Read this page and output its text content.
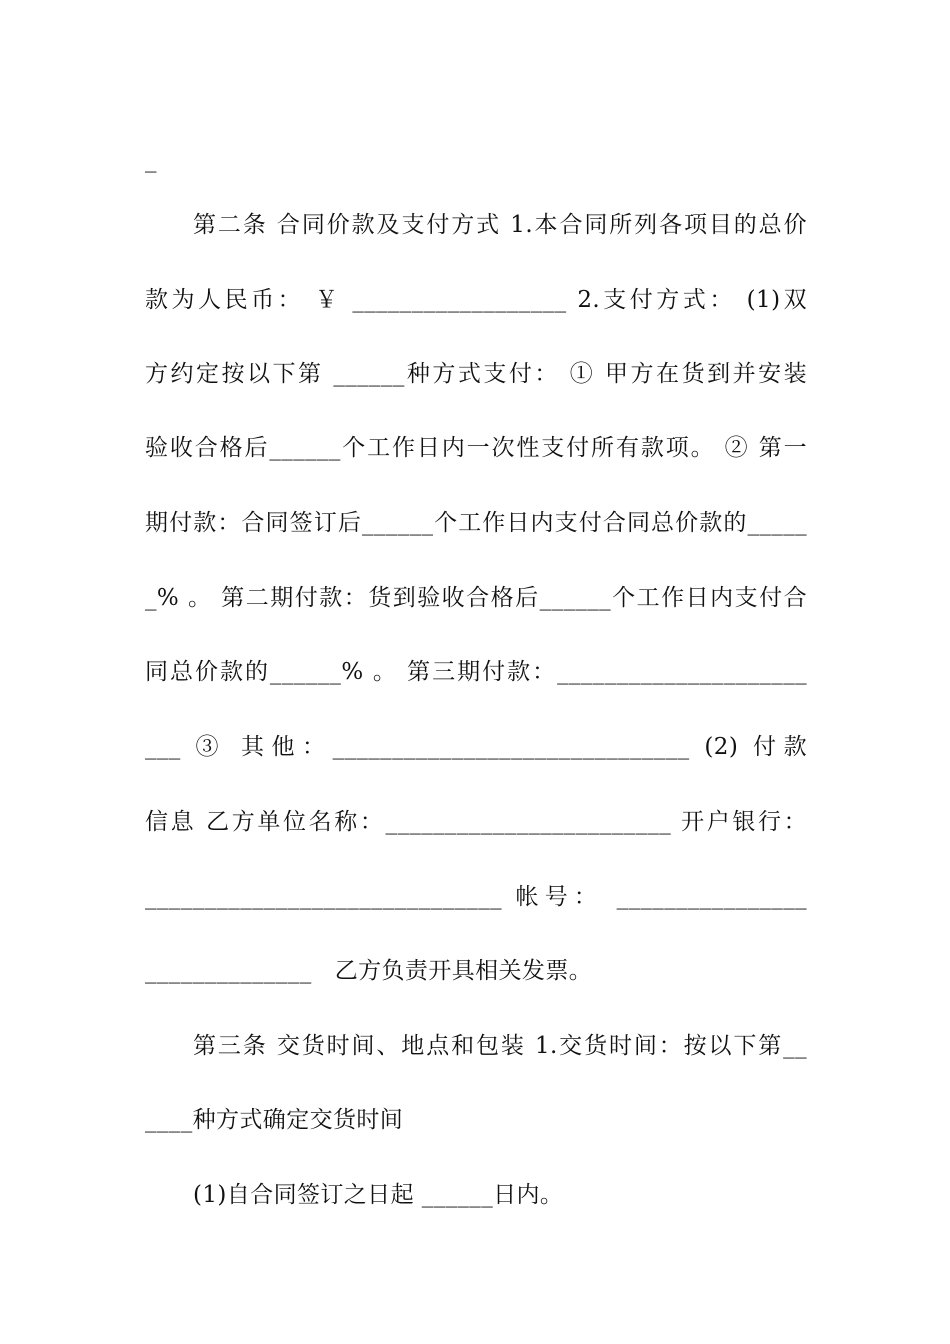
_
第二条 合同价款及支付方式 1.本合同所列各项目的总价
款为人民币： ￥ __________________ 2.支付方式： (1)双
方约定按以下第 ______种方式支付： ① 甲方在货到并安装
验收合格后______个工作日内一次性支付所有款项。 ② 第一
期付款：合同签订后______个工作日内支付合同总价款的_____
_% 。 第二期付款：货到验收合格后______个工作日内支付合
同总价款的______% 。 第三期付款：_____________________
___ ③ 其他：______________________________ (2) 付款
信息 乙方单位名称：________________________ 开户银行：
______________________________ 帐号： ________________
______________   乙方负责开具相关发票。
第三条 交货时间、地点和包装 1.交货时间：按以下第__
____种方式确定交货时间
(1)自合同签订之日起 ______日内。
